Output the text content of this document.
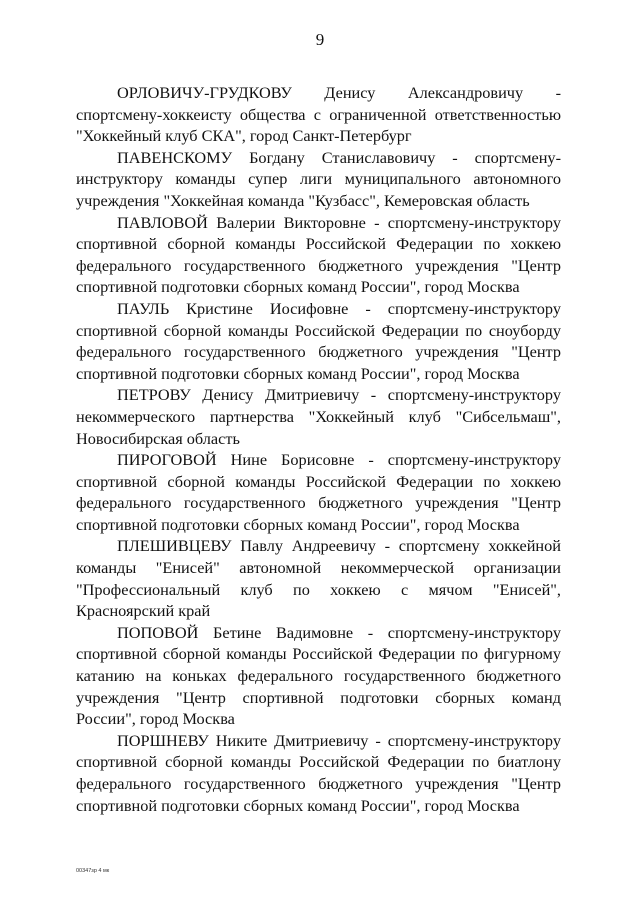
9

ОРЛОВИЧУ-ГРУДКОВУ Денису Александровичу - спортсмену-хоккеисту общества с ограниченной ответственностью "Хоккейный клуб СКА", город Санкт-Петербург

ПАВЕНСКОМУ Богдану Станиславовичу - спортсмену-инструктору команды супер лиги муниципального автономного учреждения "Хоккейная команда "Кузбасс", Кемеровская область

ПАВЛОВОЙ Валерии Викторовне - спортсмену-инструктору спортивной сборной команды Российской Федерации по хоккею федерального государственного бюджетного учреждения "Центр спортивной подготовки сборных команд России", город Москва

ПАУЛЬ Кристине Иосифовне - спортсмену-инструктору спортивной сборной команды Российской Федерации по сноуборду федерального государственного бюджетного учреждения "Центр спортивной подготовки сборных команд России", город Москва

ПЕТРОВУ Денису Дмитриевичу - спортсмену-инструктору некоммерческого партнерства "Хоккейный клуб "Сибсельмаш", Новосибирская область

ПИРОГОВОЙ Нине Борисовне - спортсмену-инструктору спортивной сборной команды Российской Федерации по хоккею федерального государственного бюджетного учреждения "Центр спортивной подготовки сборных команд России", город Москва

ПЛЕШИВЦЕВУ Павлу Андреевичу - спортсмену хоккейной команды "Енисей" автономной некоммерческой организации "Профессиональный клуб по хоккею с мячом "Енисей", Красноярский край

ПОПОВОЙ Бетине Вадимовне - спортсмену-инструктору спортивной сборной команды Российской Федерации по фигурному катанию на коньках федерального государственного бюджетного учреждения "Центр спортивной подготовки сборных команд России", город Москва

ПОРШНЕВУ Никите Дмитриевичу - спортсмену-инструктору спортивной сборной команды Российской Федерации по биатлону федерального государственного бюджетного учреждения "Центр спортивной подготовки сборных команд России", город Москва

00347зр 4 мк
